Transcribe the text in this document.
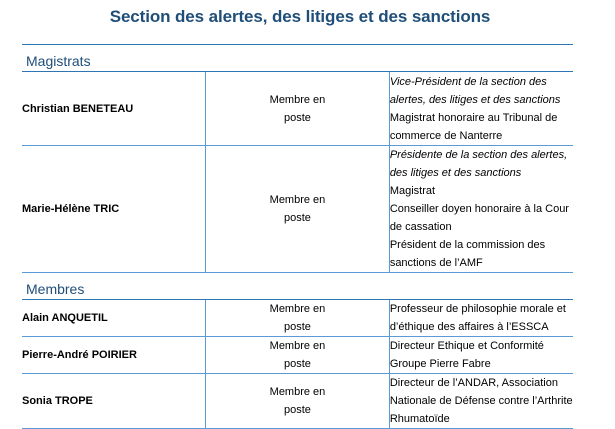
Section des alertes, des litiges et des sanctions
Magistrats		
Christian BENETEAU	Membre en poste	Vice-Président de la section des alertes, des litiges et des sanctions
Magistrat honoraire au Tribunal de commerce de Nanterre

Marie-Hélène TRIC	Membre en poste	Présidente de la section des alertes, des litiges et des sanctions
Magistrat
Conseiller doyen honoraire à la Cour de cassation
Président de la commission des sanctions de l’AMF

Membres		
Alain ANQUETIL	Membre en poste	Professeur de philosophie morale et d’éthique des affaires à l’ESSCA

Pierre-André POIRIER	Membre en poste	Directeur Ethique et Conformité Groupe Pierre Fabre

Sonia TROPE	Membre en poste	Directeur de l’ANDAR, Association Nationale de Défense contre l’Arthrite Rhumatoïde
